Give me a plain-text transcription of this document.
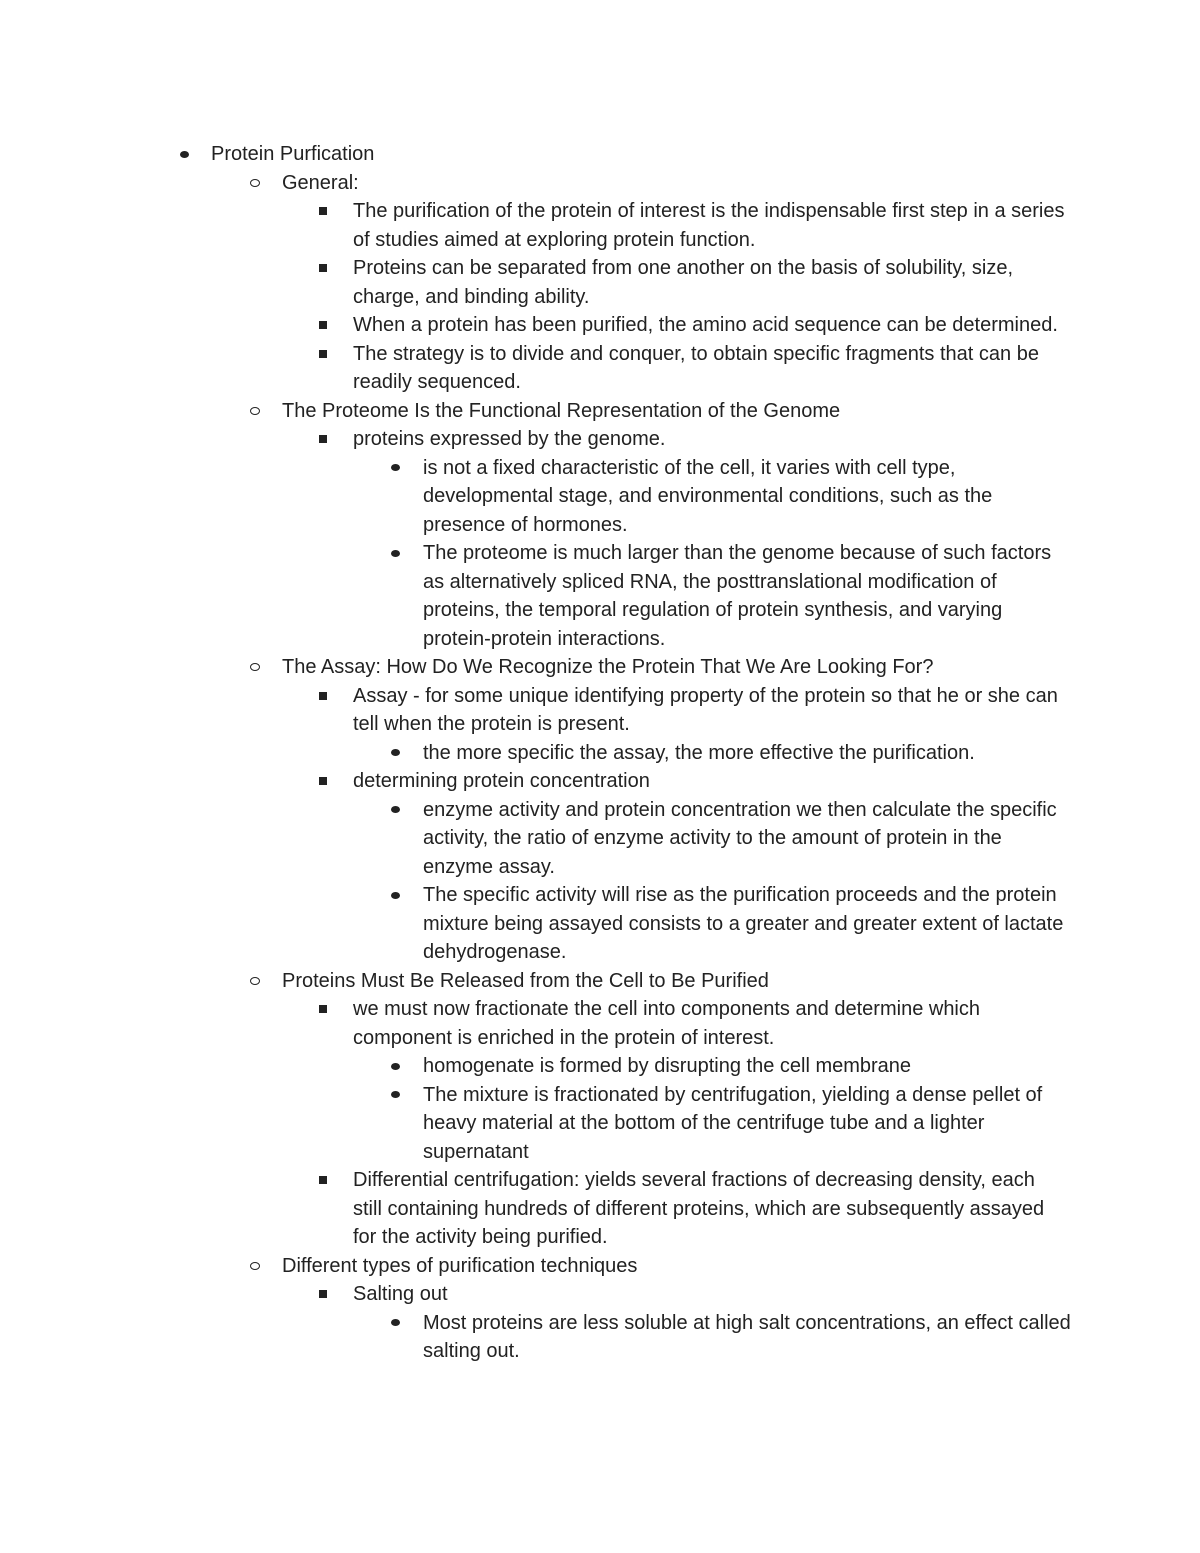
Protein Purfication
General:
The purification of the protein of interest is the indispensable first step in a series of studies aimed at exploring protein function.
Proteins can be separated from one another on the basis of solubility, size, charge, and binding ability.
When a protein has been purified, the amino acid sequence can be determined.
The strategy is to divide and conquer, to obtain specific fragments that can be readily sequenced.
The Proteome Is the Functional Representation of the Genome
proteins expressed by the genome.
is not a fixed characteristic of the cell, it varies with cell type, developmental stage, and environmental conditions, such as the presence of hormones.
The proteome is much larger than the genome because of such factors as alternatively spliced RNA, the posttranslational modification of proteins, the temporal regulation of protein synthesis, and varying protein-protein interactions.
The Assay: How Do We Recognize the Protein That We Are Looking For?
Assay - for some unique identifying property of the protein so that he or she can tell when the protein is present.
the more specific the assay, the more effective the purification.
determining protein concentration
enzyme activity and protein concentration we then calculate the specific activity, the ratio of enzyme activity to the amount of protein in the enzyme assay.
The specific activity will rise as the purification proceeds and the protein mixture being assayed consists to a greater and greater extent of lactate dehydrogenase.
Proteins Must Be Released from the Cell to Be Purified
we must now fractionate the cell into components and determine which component is enriched in the protein of interest.
homogenate is formed by disrupting the cell membrane
The mixture is fractionated by centrifugation, yielding a dense pellet of heavy material at the bottom of the centrifuge tube and a lighter supernatant
Differential centrifugation: yields several fractions of decreasing density, each still containing hundreds of different proteins, which are subsequently assayed for the activity being purified.
Different types of purification techniques
Salting out
Most proteins are less soluble at high salt concentrations, an effect called salting out.
